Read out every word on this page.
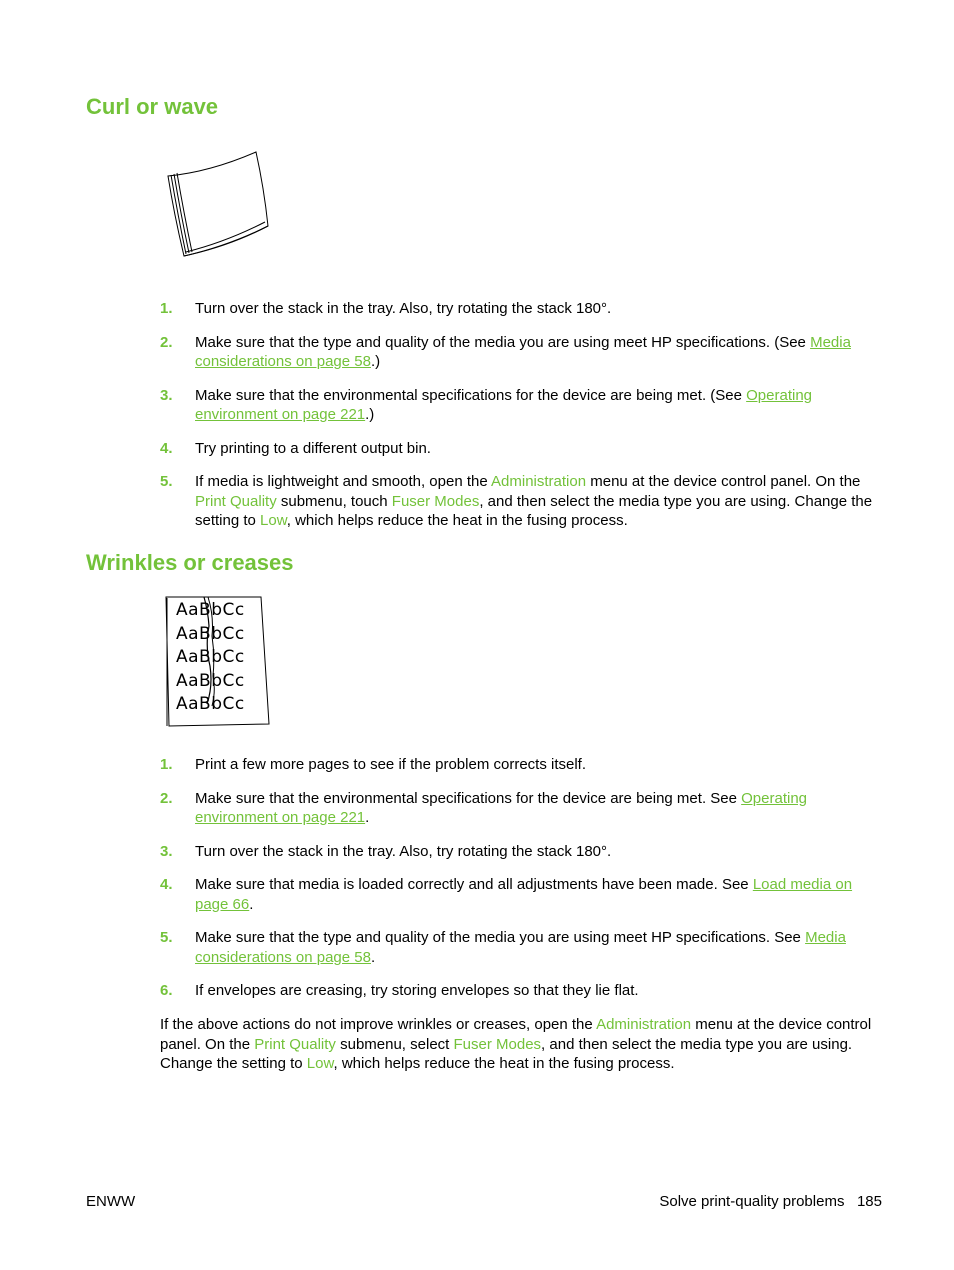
Curl or wave
1. Turn over the stack in the tray. Also, try rotating the stack 180°.
2. Make sure that the type and quality of the media you are using meet HP specifications. (See Media considerations on page 58.)
3. Make sure that the environmental specifications for the device are being met. (See Operating environment on page 221.)
4. Try printing to a different output bin.
5. If media is lightweight and smooth, open the Administration menu at the device control panel. On the Print Quality submenu, touch Fuser Modes, and then select the media type you are using. Change the setting to Low, which helps reduce the heat in the fusing process.
Wrinkles or creases
AaBbCc
AaBbCc
AaBbCc
AaBbCc
AaBbCc
1. Print a few more pages to see if the problem corrects itself.
2. Make sure that the environmental specifications for the device are being met. See Operating environment on page 221.
3. Turn over the stack in the tray. Also, try rotating the stack 180°.
4. Make sure that media is loaded correctly and all adjustments have been made. See Load media on page 66.
5. Make sure that the type and quality of the media you are using meet HP specifications. See Media considerations on page 58.
6. If envelopes are creasing, try storing envelopes so that they lie flat.

If the above actions do not improve wrinkles or creases, open the Administration menu at the device control panel. On the Print Quality submenu, select Fuser Modes, and then select the media type you are using. Change the setting to Low, which helps reduce the heat in the fusing process.

ENWW	Solve print-quality problems 185
